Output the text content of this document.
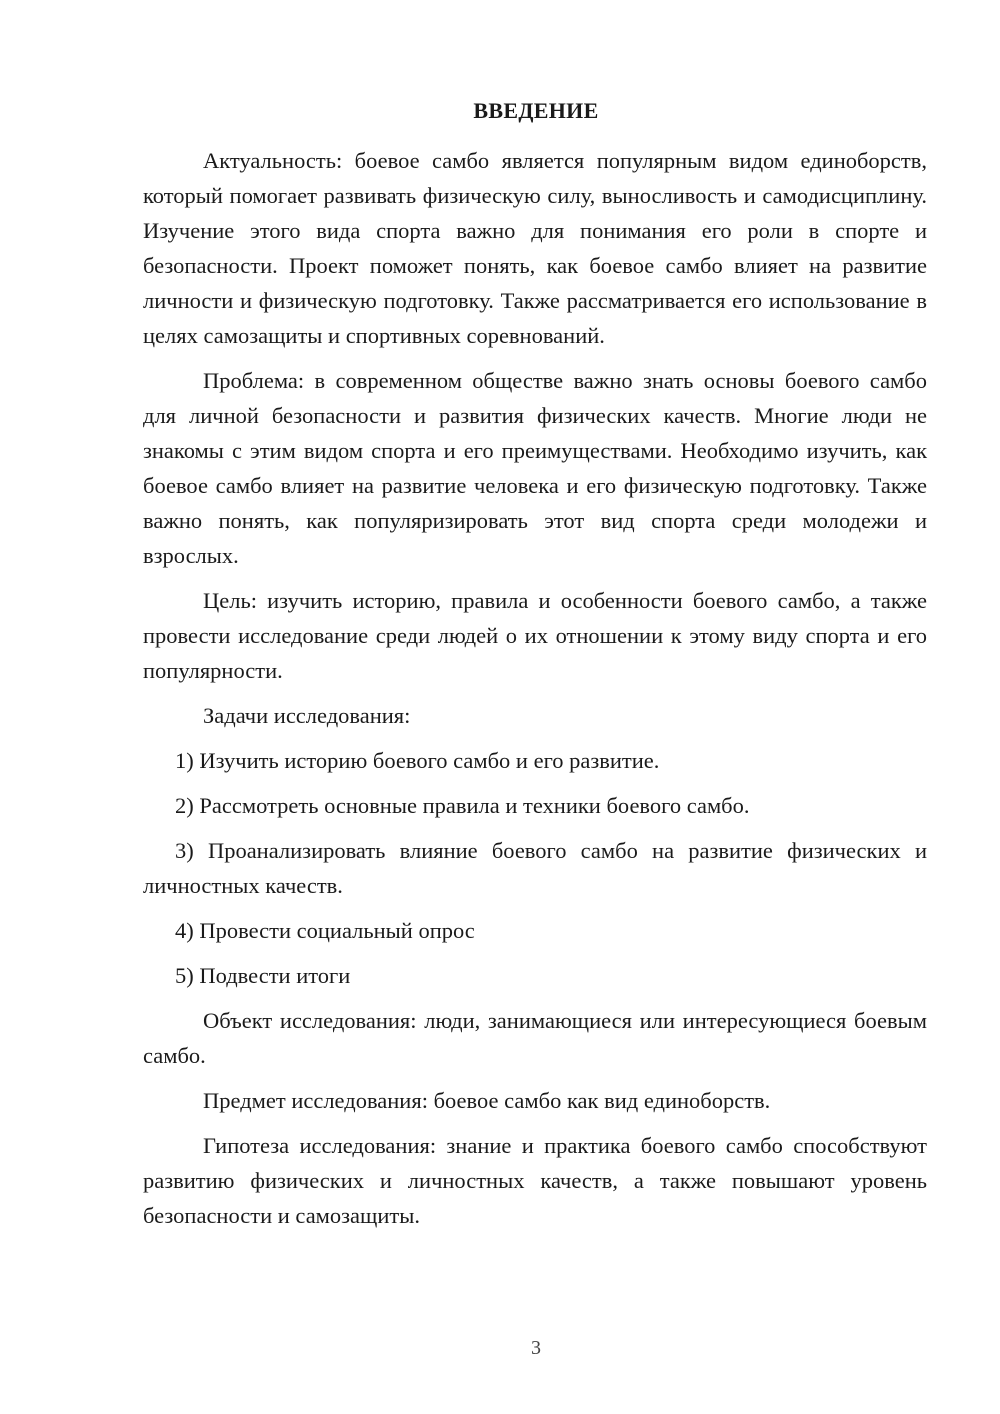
ВВЕДЕНИЕ

Актуальность: боевое самбо является популярным видом единоборств, который помогает развивать физическую силу, выносливость и самодисциплину. Изучение этого вида спорта важно для понимания его роли в спорте и безопасности. Проект поможет понять, как боевое самбо влияет на развитие личности и физическую подготовку. Также рассматривается его использование в целях самозащиты и спортивных соревнований.

Проблема: в современном обществе важно знать основы боевого самбо для личной безопасности и развития физических качеств. Многие люди не знакомы с этим видом спорта и его преимуществами. Необходимо изучить, как боевое самбо влияет на развитие человека и его физическую подготовку. Также важно понять, как популяризировать этот вид спорта среди молодежи и взрослых.

Цель: изучить историю, правила и особенности боевого самбо, а также провести исследование среди людей о их отношении к этому виду спорта и его популярности.

Задачи исследования:

1) Изучить историю боевого самбо и его развитие.

2) Рассмотреть основные правила и техники боевого самбо.

3) Проанализировать влияние боевого самбо на развитие физических и личностных качеств.

4) Провести социальный опрос

5) Подвести итоги

Объект исследования: люди, занимающиеся или интересующиеся боевым самбо.

Предмет исследования: боевое самбо как вид единоборств.

Гипотеза исследования: знание и практика боевого самбо способствуют развитию физических и личностных качеств, а также повышают уровень безопасности и самозащиты.

3
